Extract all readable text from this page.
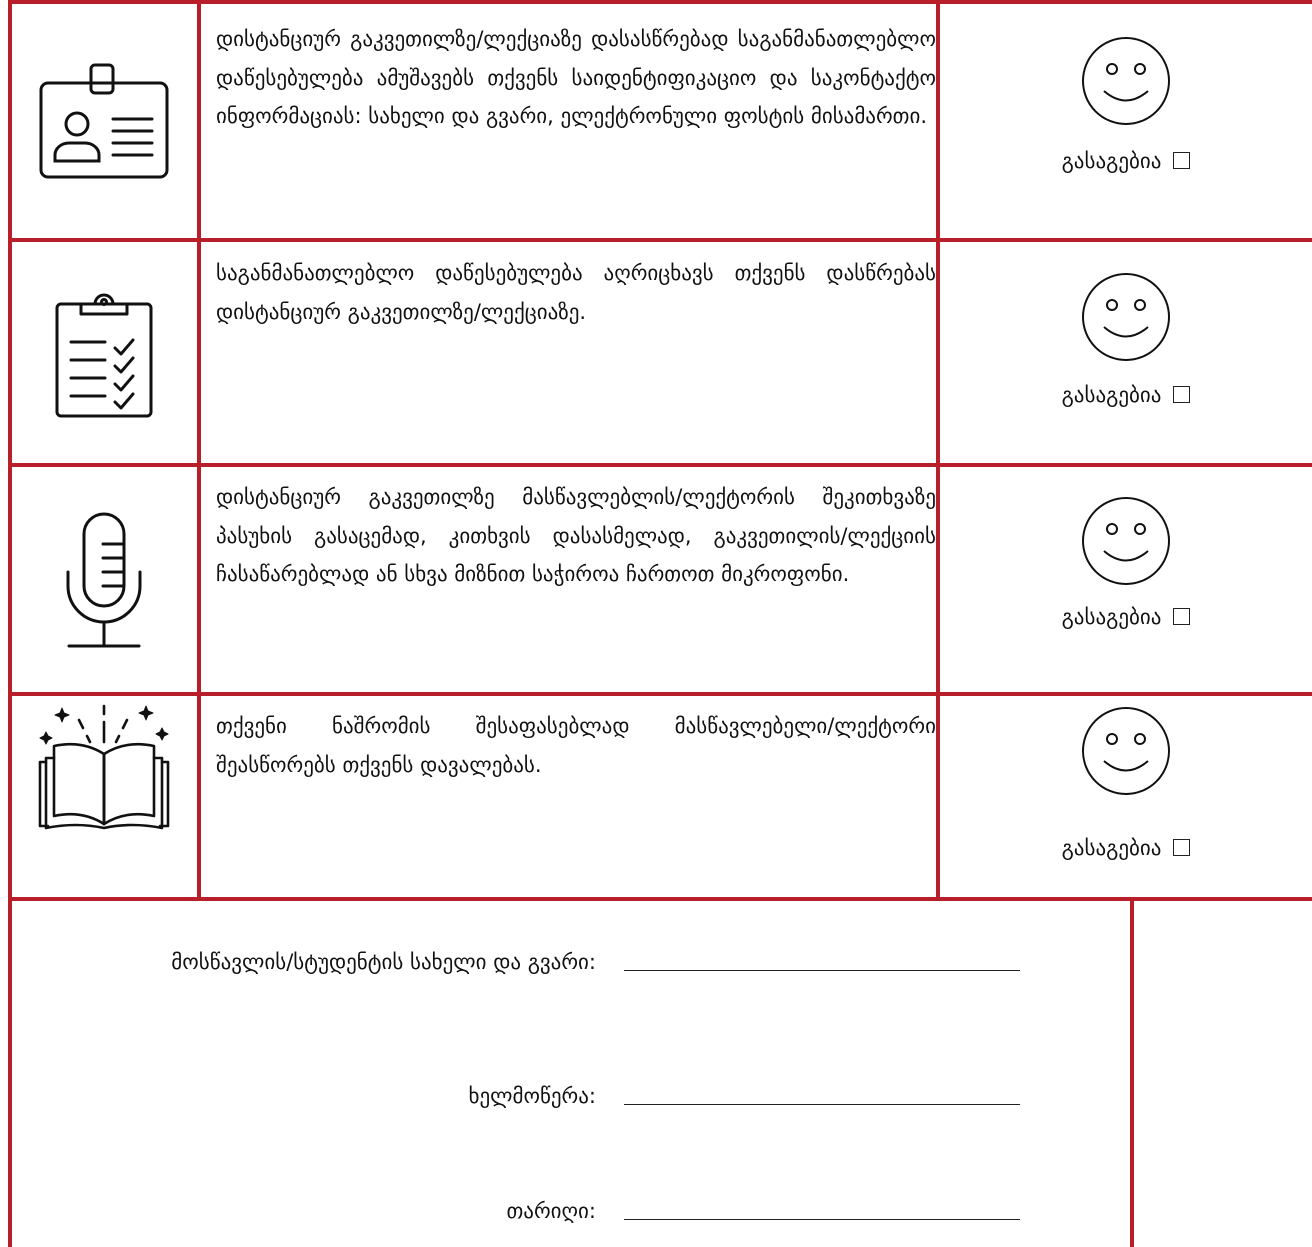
დისტანციურ გაკვეთილზე/ლექციაზე დასასწრებად საგანმანათლებლო დაწესებულება ამუშავებს თქვენს საიდენტიფიკაციო და საკონტაქტო ინფორმაციას: სახელი და გვარი, ელექტრონული ფოსტის მისამართი.
გასაგებია
საგანმანათლებლო დაწესებულება აღრიცხავს თქვენს დასწრებას დისტანციურ გაკვეთილზე/ლექციაზე.
გასაგებია
დისტანციურ გაკვეთილზე მასწავლებლის/ლექტორის შეკითხვაზე პასუხის გასაცემად, კითხვის დასასმელად, გაკვეთილის/ლექციის ჩასაწარებლად ან სხვა მიზნით საჭიროა ჩართოთ მიკროფონი.
გასაგებია
თქვენი ნაშრომის შესაფასებლად მასწავლებელი/ლექტორი შეასწორებს თქვენს დავალებას.
გასაგებია
მოსწავლის/სტუდენტის სახელი და გვარი:
ხელმოწერა:
თარიღი:
